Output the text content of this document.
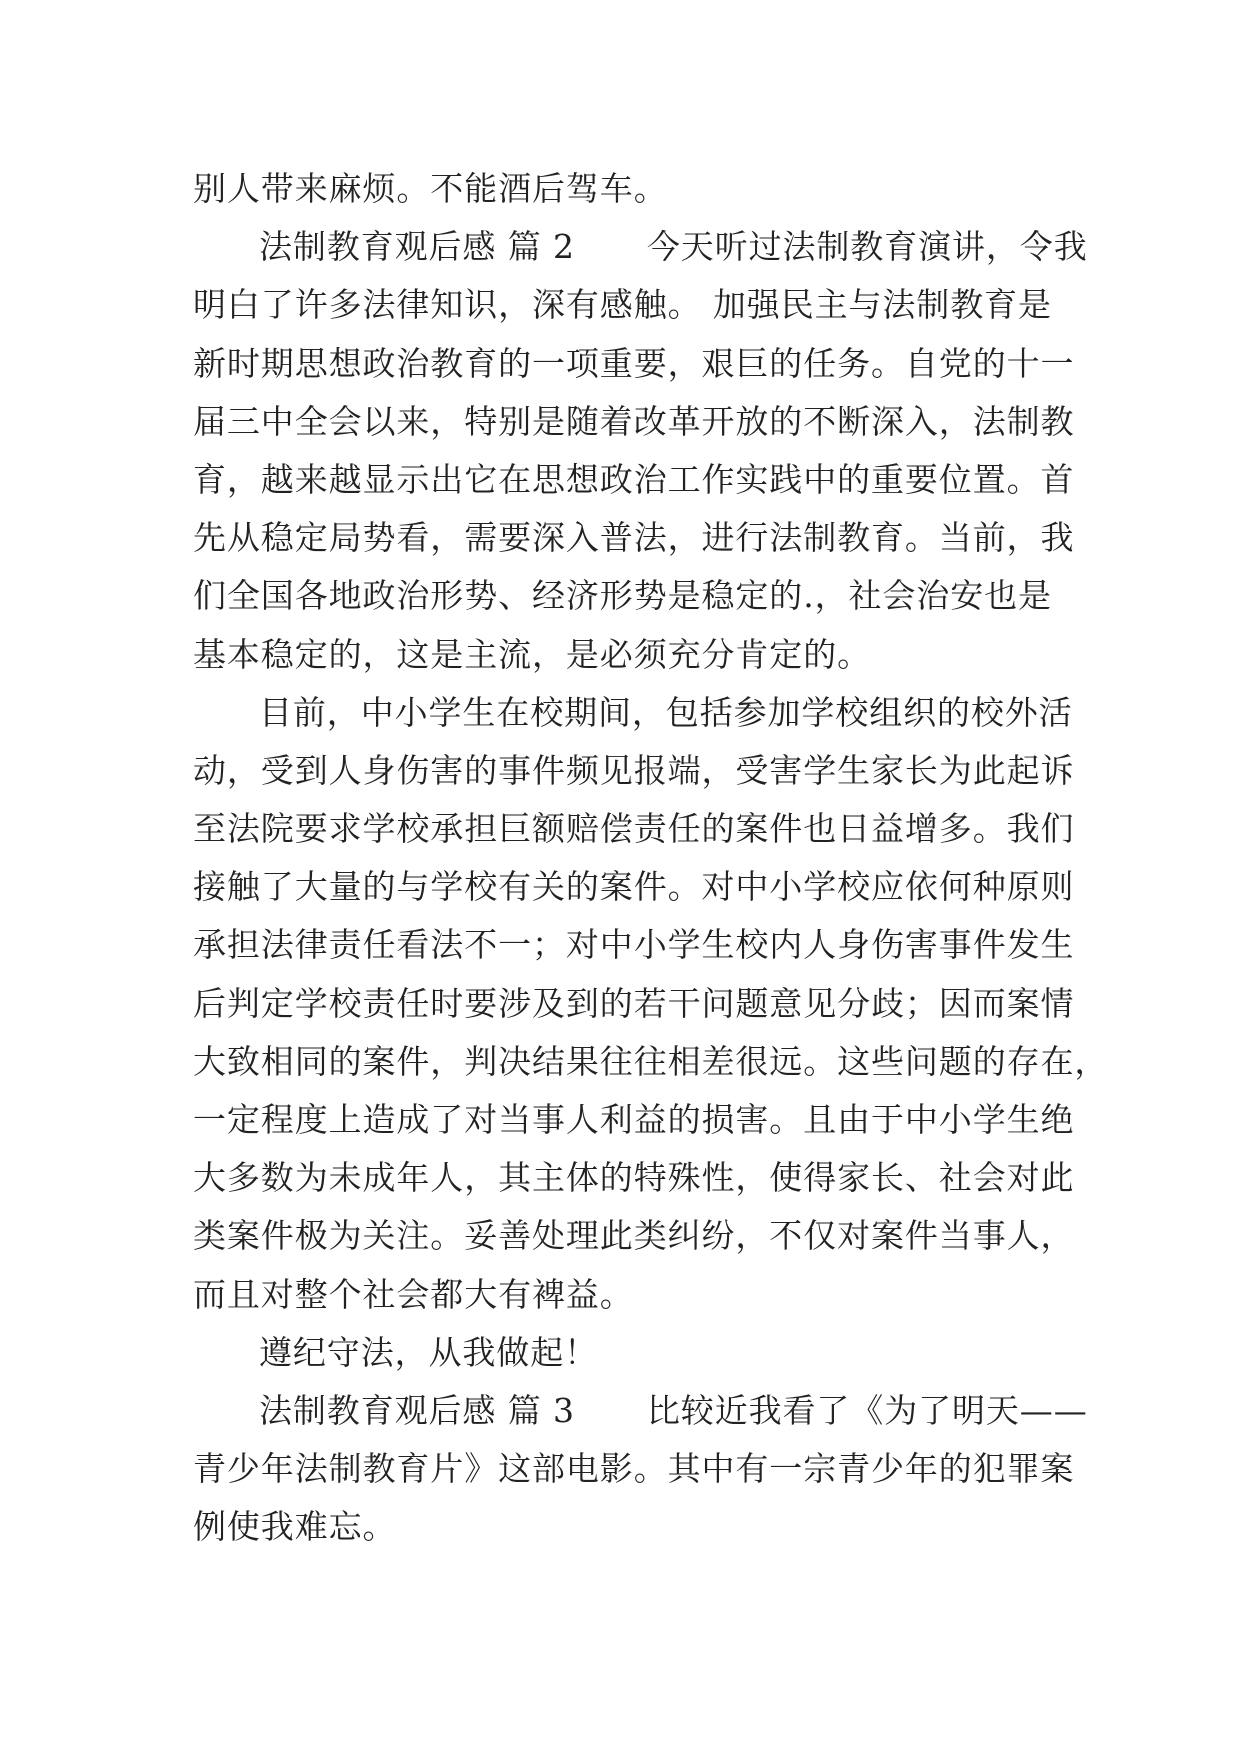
别人带来麻烦。不能酒后驾车。
法制教育观后感 篇 2 今天听过法制教育演讲，令我
明白了许多法律知识，深有感触。 加强民主与法制教育是
新时期思想政治教育的一项重要，艰巨的任务。自党的十一
届三中全会以来，特别是随着改革开放的不断深入，法制教
育，越来越显示出它在思想政治工作实践中的重要位置。首
先从稳定局势看，需要深入普法，进行法制教育。当前，我
们全国各地政治形势、经济形势是稳定的.，社会治安也是
基本稳定的，这是主流，是必须充分肯定的。
目前，中小学生在校期间，包括参加学校组织的校外活
动，受到人身伤害的事件频见报端，受害学生家长为此起诉
至法院要求学校承担巨额赔偿责任的案件也日益增多。我们
接触了大量的与学校有关的案件。对中小学校应依何种原则
承担法律责任看法不一；对中小学生校内人身伤害事件发生
后判定学校责任时要涉及到的若干问题意见分歧；因而案情
大致相同的案件，判决结果往往相差很远。这些问题的存在，
一定程度上造成了对当事人利益的损害。且由于中小学生绝
大多数为未成年人，其主体的特殊性，使得家长、社会对此
类案件极为关注。妥善处理此类纠纷，不仅对案件当事人，
而且对整个社会都大有裨益。
遵纪守法，从我做起！
法制教育观后感 篇 3 比较近我看了《为了明天——
青少年法制教育片》这部电影。其中有一宗青少年的犯罪案
例使我难忘。
